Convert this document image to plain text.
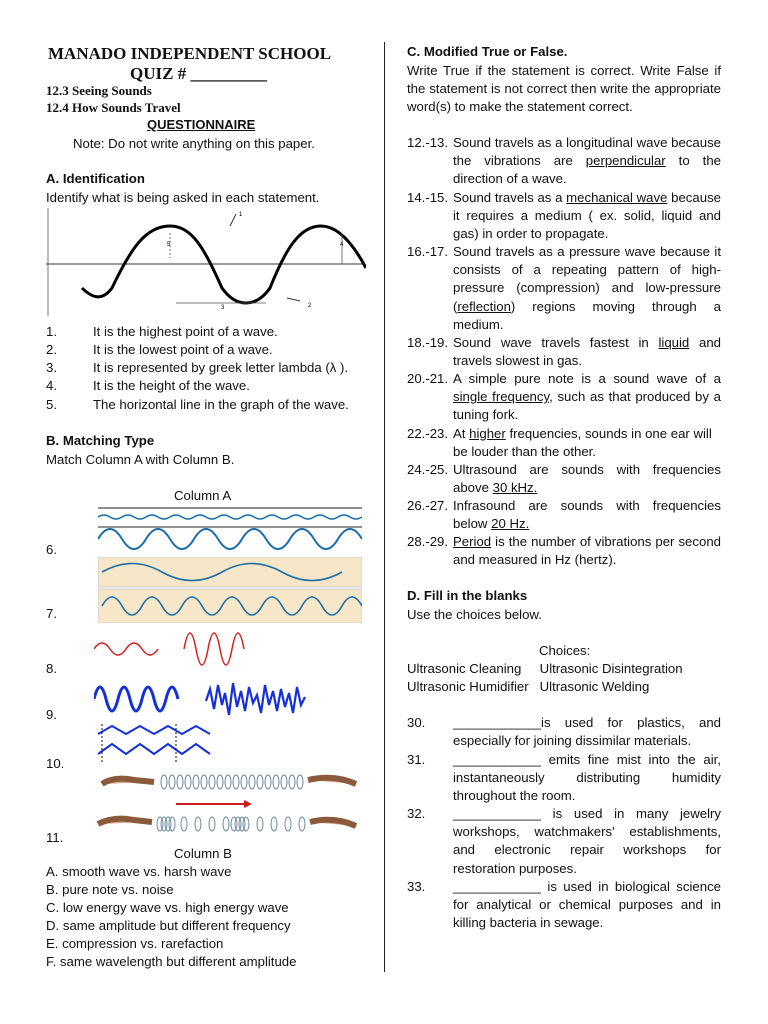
MANADO INDEPENDENT SCHOOL
QUIZ # _________
12.3 Seeing Sounds
12.4 How Sounds Travel
QUESTIONNAIRE
Note: Do not write anything on this paper.
A. Identification
Identify what is being asked in each statement.
1
2
3
4
5
1.	It is the highest point of a wave.
2.	It is the lowest point of a wave.
3.	It is represented by greek letter lambda (λ ).
4.	It is the height of the wave.
5.	The horizontal line in the graph of the wave.
B. Matching Type
Match Column A with Column B.
Column A
6.
7.
8.
9.
10.
11.
Column B
A. smooth wave vs. harsh wave
B. pure note vs. noise
C. low energy wave vs. high energy wave
D. same amplitude but different frequency
E. compression vs. rarefaction
F. same wavelength but different amplitude
C. Modified True or False.
Write True if the statement is correct. Write False if the statement is not correct then write the appropriate word(s) to make the statement correct.
12.-13. Sound travels as a longitudinal wave because the vibrations are perpendicular to the direction of a wave.
14.-15. Sound travels as a mechanical wave because it requires a medium ( ex. solid, liquid and gas) in order to propagate.
16.-17. Sound travels as a pressure wave because it consists of a repeating pattern of high-pressure (compression) and low-pressure (reflection) regions moving through a medium.
18.-19. Sound wave travels fastest in liquid and travels slowest in gas.
20.-21. A simple pure note is a sound wave of a single frequency, such as that produced by a tuning fork.
22.-23. At higher frequencies, sounds in one ear will be louder than the other.
24.-25. Ultrasound are sounds with frequencies above 30 kHz.
26.-27. Infrasound are sounds with frequencies below 20 Hz.
28.-29. Period is the number of vibrations per second and measured in Hz (hertz).
D. Fill in the blanks
Use the choices below.
Choices:
Ultrasonic Cleaning     Ultrasonic Disintegration
Ultrasonic Humidifier   Ultrasonic Welding
30. ____________is used for plastics, and especially for joining dissimilar materials.
31. ____________ emits fine mist into the air, instantaneously distributing humidity throughout the room.
32. ____________ is used in many jewelry workshops, watchmakers' establishments, and electronic repair workshops for restoration purposes.
33. ____________ is used in biological science for analytical or chemical purposes and in killing bacteria in sewage.
